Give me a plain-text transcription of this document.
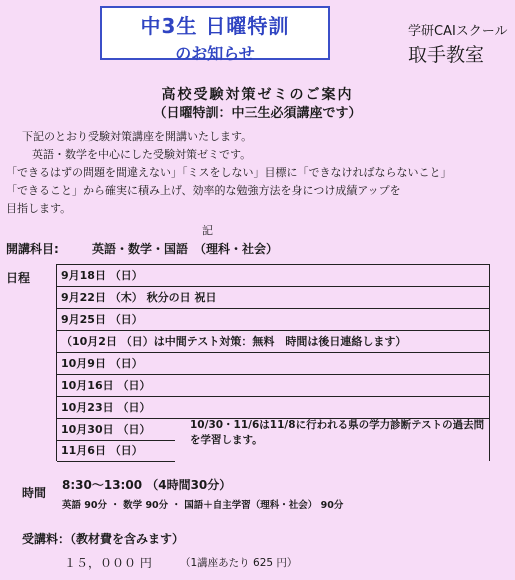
中3生 日曜特訓
のお知らせ
学研CAIスクール
取手教室
高校受験対策ゼミのご案内
（日曜特訓：中三生必須講座です）
下記のとおり受験対策講座を開講いたします。
英語・数学を中心にした受験対策ゼミです。
「できるはずの問題を間違えない」「ミスをしない」目標に「できなければならないこと」
「できること」から確実に積み上げ、効率的な勉強方法を身につけ成績アップを
目指します。
記
開講科目:	英語・数学・国語　（理科・社会）
日程	9月18日 （日）
9月22日 （木） 秋分の日 祝日
9月25日 （日）
（10月2日 （日）は中間テスト対策：無料　時間は後日連絡します）
10月9日 （日）
10月16日 （日）
10月23日 （日）
10月30日 （日）
11月6日 （日）
10/30・11/6は11/8に行われる県の学力診断テストの過去問を学習します。
時間
8:30〜13:00 （4時間30分）
英語 90分 ・ 数学 90分 ・ 国語＋自主学習（理科・社会） 90分
受講料：（教材費を含みます）
１５，０００ 円	（1講座あたり 625 円）
